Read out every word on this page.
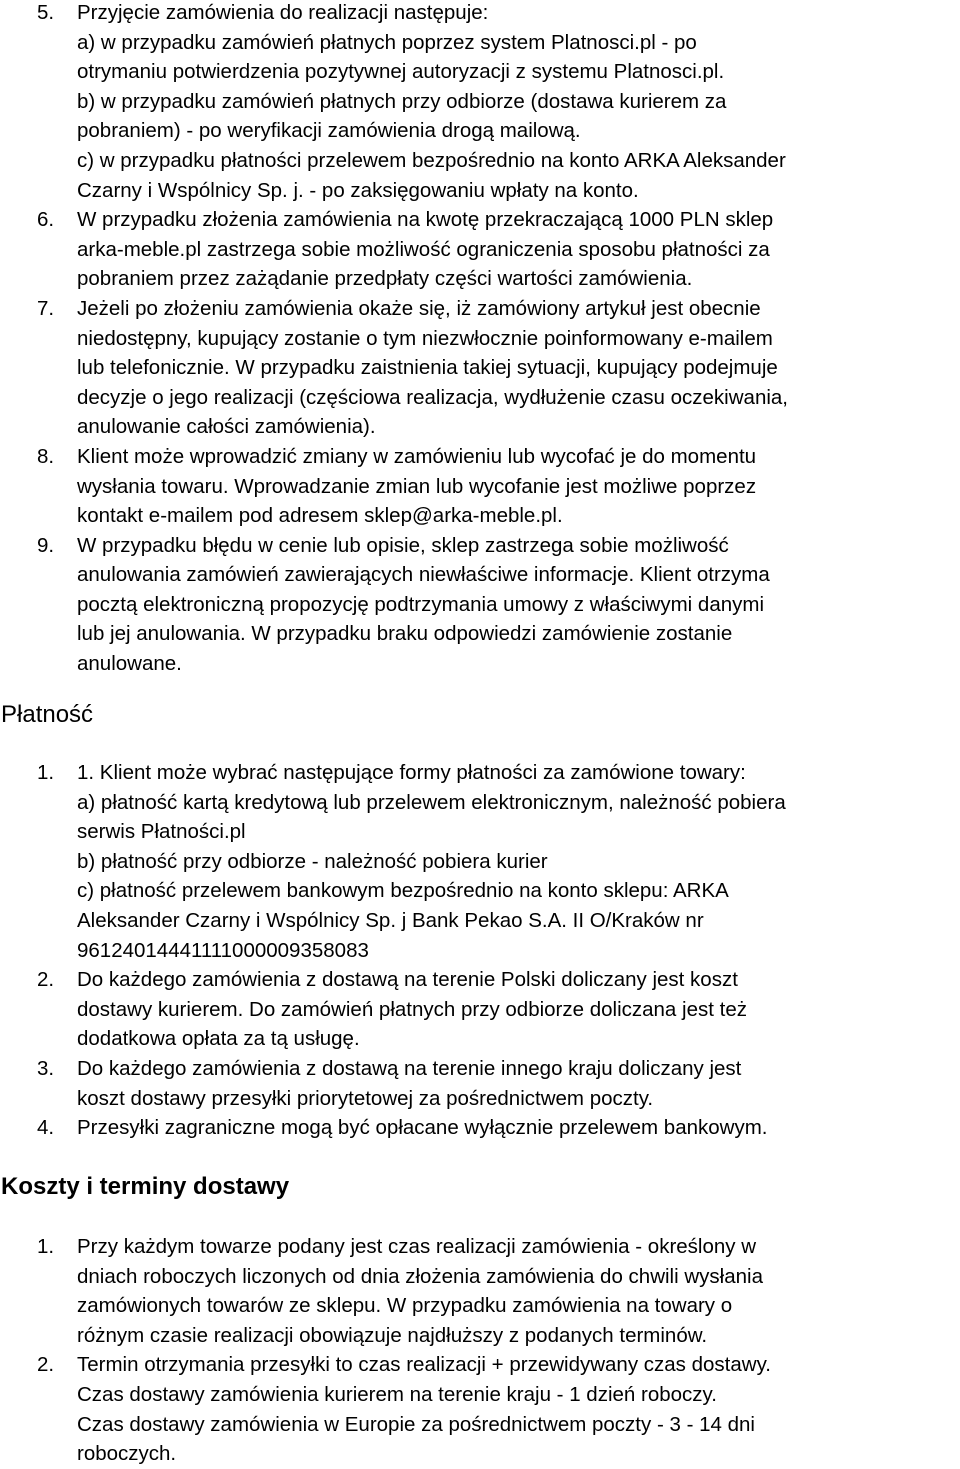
5. Przyjęcie zamówienia do realizacji następuje:
a) w przypadku zamówień płatnych poprzez system Platnosci.pl - po
otrymaniu potwierdzenia pozytywnej autoryzacji z systemu Platnosci.pl.
b) w przypadku zamówień płatnych przy odbiorze (dostawa kurierem za
pobraniem) - po weryfikacji zamówienia drogą mailową.
c) w przypadku płatności przelewem bezpośrednio na konto ARKA Aleksander
Czarny i Wspólnicy Sp. j. - po zaksięgowaniu wpłaty na konto.
6. W przypadku złożenia zamówienia na kwotę przekraczającą 1000 PLN sklep
arka-meble.pl zastrzega sobie możliwość ograniczenia sposobu płatności za
pobraniem przez zażądanie przedpłaty części wartości zamówienia.
7. Jeżeli po złożeniu zamówienia okaże się, iż zamówiony artykuł jest obecnie
niedostępny, kupujący zostanie o tym niezwłocznie poinformowany e-mailem
lub telefonicznie. W przypadku zaistnienia takiej sytuacji, kupujący podejmuje
decyzje o jego realizacji (częściowa realizacja, wydłużenie czasu oczekiwania,
anulowanie całości zamówienia).
8. Klient może wprowadzić zmiany w zamówieniu lub wycofać je do momentu
wysłania towaru. Wprowadzanie zmian lub wycofanie jest możliwe poprzez
kontakt e-mailem pod adresem sklep@arka-meble.pl.
9. W przypadku błędu w cenie lub opisie, sklep zastrzega sobie możliwość
anulowania zamówień zawierających niewłaściwe informacje. Klient otrzyma
pocztą elektroniczną propozycję podtrzymania umowy z właściwymi danymi
lub jej anulowania. W przypadku braku odpowiedzi zamówienie zostanie
anulowane.
Płatność
1. 1. Klient może wybrać następujące formy płatności za zamówione towary:
a) płatność kartą kredytową lub przelewem elektronicznym, należność pobiera
serwis Płatności.pl
b) płatność przy odbiorze - należność pobiera kurier
c) płatność przelewem bankowym bezpośrednio na konto sklepu: ARKA
Aleksander Czarny i Wspólnicy Sp. j Bank Pekao S.A. II O/Kraków nr
96124014441111000009358083
2. Do każdego zamówienia z dostawą na terenie Polski doliczany jest koszt
dostawy kurierem. Do zamówień płatnych przy odbiorze doliczana jest też
dodatkowa opłata za tą usługę.
3. Do każdego zamówienia z dostawą na terenie innego kraju doliczany jest
koszt dostawy przesyłki priorytetowej za pośrednictwem poczty.
4. Przesyłki zagraniczne mogą być opłacane wyłącznie przelewem bankowym.
Koszty i terminy dostawy
1. Przy każdym towarze podany jest czas realizacji zamówienia - określony w
dniach roboczych liczonych od dnia złożenia zamówienia do chwili wysłania
zamówionych towarów ze sklepu. W przypadku zamówienia na towary o
różnym czasie realizacji obowiązuje najdłuższy z podanych terminów.
2. Termin otrzymania przesyłki to czas realizacji + przewidywany czas dostawy.
Czas dostawy zamówienia kurierem na terenie kraju - 1 dzień roboczy.
Czas dostawy zamówienia w Europie za pośrednictwem poczty - 3 - 14 dni
roboczych.
